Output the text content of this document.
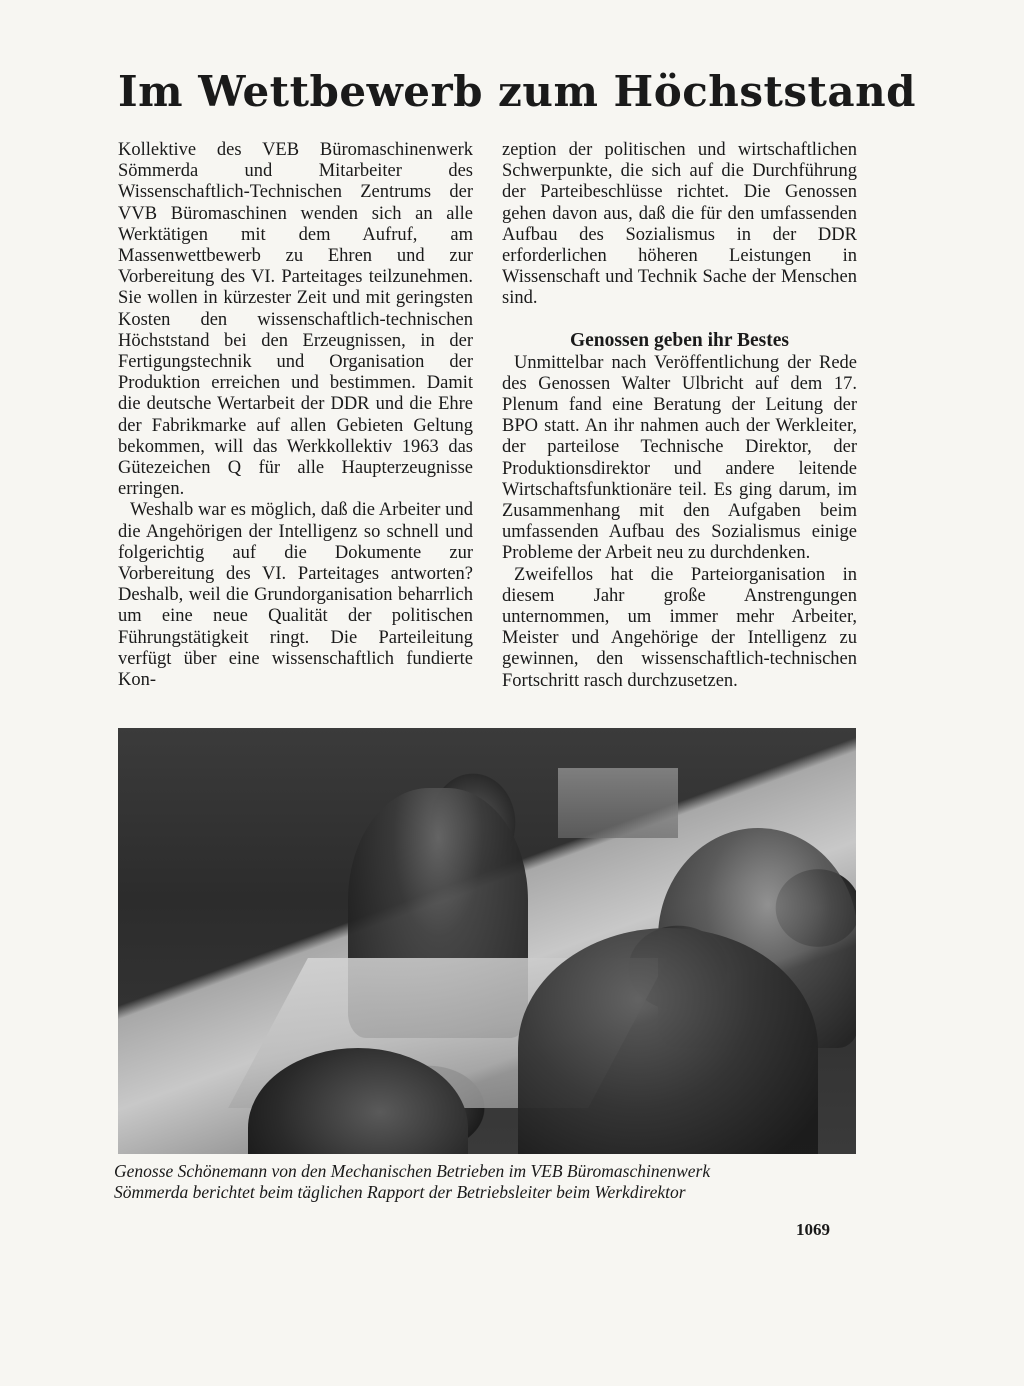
Im Wettbewerb zum Höchststand

Kollektive des VEB Büromaschinenwerk Sömmerda und Mitarbeiter des Wissenschaftlich-Technischen Zentrums der VVB Büromaschinen wenden sich an alle Werktätigen mit dem Aufruf, am Massenwettbewerb zu Ehren und zur Vorbereitung des VI. Parteitages teilzunehmen. Sie wollen in kürzester Zeit und mit geringsten Kosten den wissenschaftlich-technischen Höchststand bei den Erzeugnissen, in der Fertigungstechnik und Organisation der Produktion erreichen und bestimmen. Damit die deutsche Wertarbeit der DDR und die Ehre der Fabrikmarke auf allen Gebieten Geltung bekommen, will das Werkkollektiv 1963 das Gütezeichen Q für alle Haupterzeugnisse erringen.

Weshalb war es möglich, daß die Arbeiter und die Angehörigen der Intelligenz so schnell und folgerichtig auf die Dokumente zur Vorbereitung des VI. Parteitages antworten? Deshalb, weil die Grundorganisation beharrlich um eine neue Qualität der politischen Führungstätigkeit ringt. Die Parteileitung verfügt über eine wissenschaftlich fundierte Kon-

zeption der politischen und wirtschaftlichen Schwerpunkte, die sich auf die Durchführung der Parteibeschlüsse richtet. Die Genossen gehen davon aus, daß die für den umfassenden Aufbau des Sozialismus in der DDR erforderlichen höheren Leistungen in Wissenschaft und Technik Sache der Menschen sind.

Genossen geben ihr Bestes

Unmittelbar nach Veröffentlichung der Rede des Genossen Walter Ulbricht auf dem 17. Plenum fand eine Beratung der Leitung der BPO statt. An ihr nahmen auch der Werkleiter, der parteilose Technische Direktor, der Produktionsdirektor und andere leitende Wirtschaftsfunktionäre teil. Es ging darum, im Zusammenhang mit den Aufgaben beim umfassenden Aufbau des Sozialismus einige Probleme der Arbeit neu zu durchdenken.

Zweifellos hat die Parteiorganisation in diesem Jahr große Anstrengungen unternommen, um immer mehr Arbeiter, Meister und Angehörige der Intelligenz zu gewinnen, den wissenschaftlich-technischen Fortschritt rasch durchzusetzen.

Genosse Schönemann von den Mechanischen Betrieben im VEB Büromaschinenwerk
Sömmerda berichtet beim täglichen Rapport der Betriebsleiter beim Werkdirektor
1069
